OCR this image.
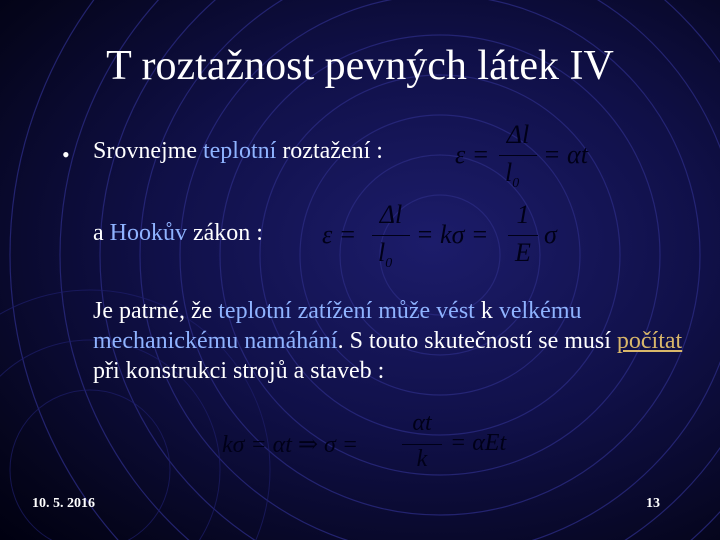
T roztažnost pevných látek IV
• Srovnejme teplotní roztažení :	ε =
Δl
$l_0$
= αt
a Hookův zákon : ε =
Δl
$l_0$
= kσ =
1
E
σ
Je patrné, že teplotní zatížení může vést k velkému mechanickému namáhání. S touto skutečností se musí počítat při konstrukci strojů a staveb :
kσ = αt ⇒ σ =
αt
k
= αEt
10. 5. 2016	13
